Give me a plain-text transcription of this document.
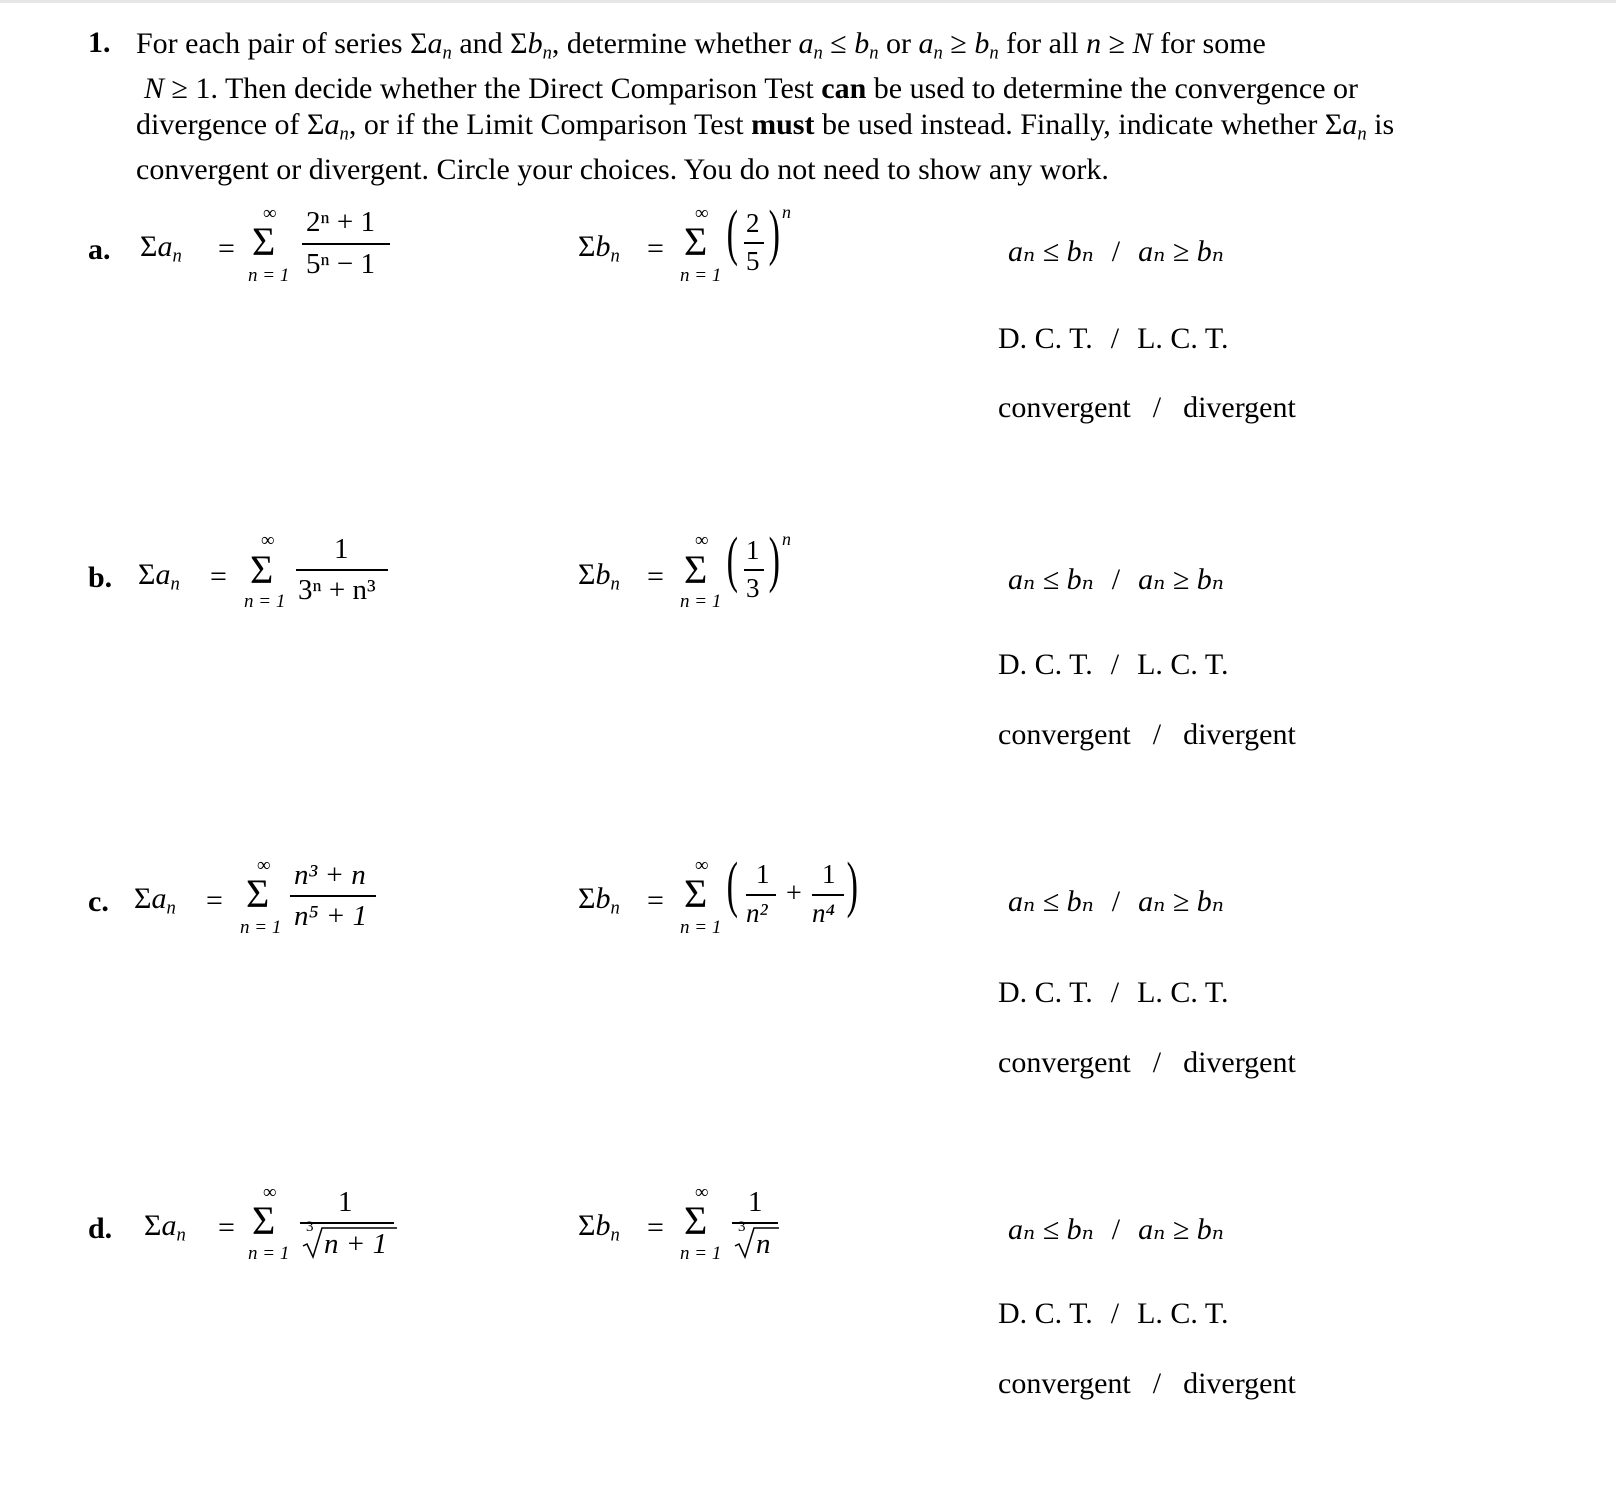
1. For each pair of series $\Sigma a_n$ and $\Sigma b_n$, determine whether $a_n \le b_n$ or $a_n \ge b_n$ for all n ≥ N for some
N ≥ 1. Then decide whether the Direct Comparison Test can be used to determine the convergence or
divergence of $\Sigma a_n$, or if the Limit Comparison Test must be used instead. Finally, indicate whether $\Sigma a_n$ is
convergent or divergent. Circle your choices. You do not need to show any work.
a. $\Sigma a_n = \Sigma$
∞
n = 1
2ⁿ + 1
5ⁿ − 1
$\Sigma b_n = \Sigma$
∞
n = 1
( 2
5 ) n
aₙ ≤ bₙ / aₙ ≥ bₙ
D. C. T. / L. C. T.
convergent / divergent
b. $\Sigma a_n = \Sigma$
∞
n = 1
1
3ⁿ + n³	$\Sigma b_n = \Sigma$
∞
n = 1
( 1
3 ) n
aₙ ≤ bₙ / aₙ ≥ bₙ
D. C. T. / L. C. T.
convergent / divergent
c. $\Sigma a_n = \Sigma$
∞
n = 1
n³ + n
n⁵ + 1
$\Sigma b_n = \Sigma$
∞
n = 1
( 1
n²
+
1
n⁴ )	aₙ ≤ bₙ / aₙ ≥ bₙ
D. C. T. / L. C. T.
convergent / divergent
d. $\Sigma a_n = \Sigma$
∞
n = 1
1
3
n + 1
$\Sigma b_n = \Sigma$
∞
n = 1
1
3
n	aₙ ≤ bₙ / aₙ ≥ bₙ
D. C. T. / L. C. T.
convergent / divergent
